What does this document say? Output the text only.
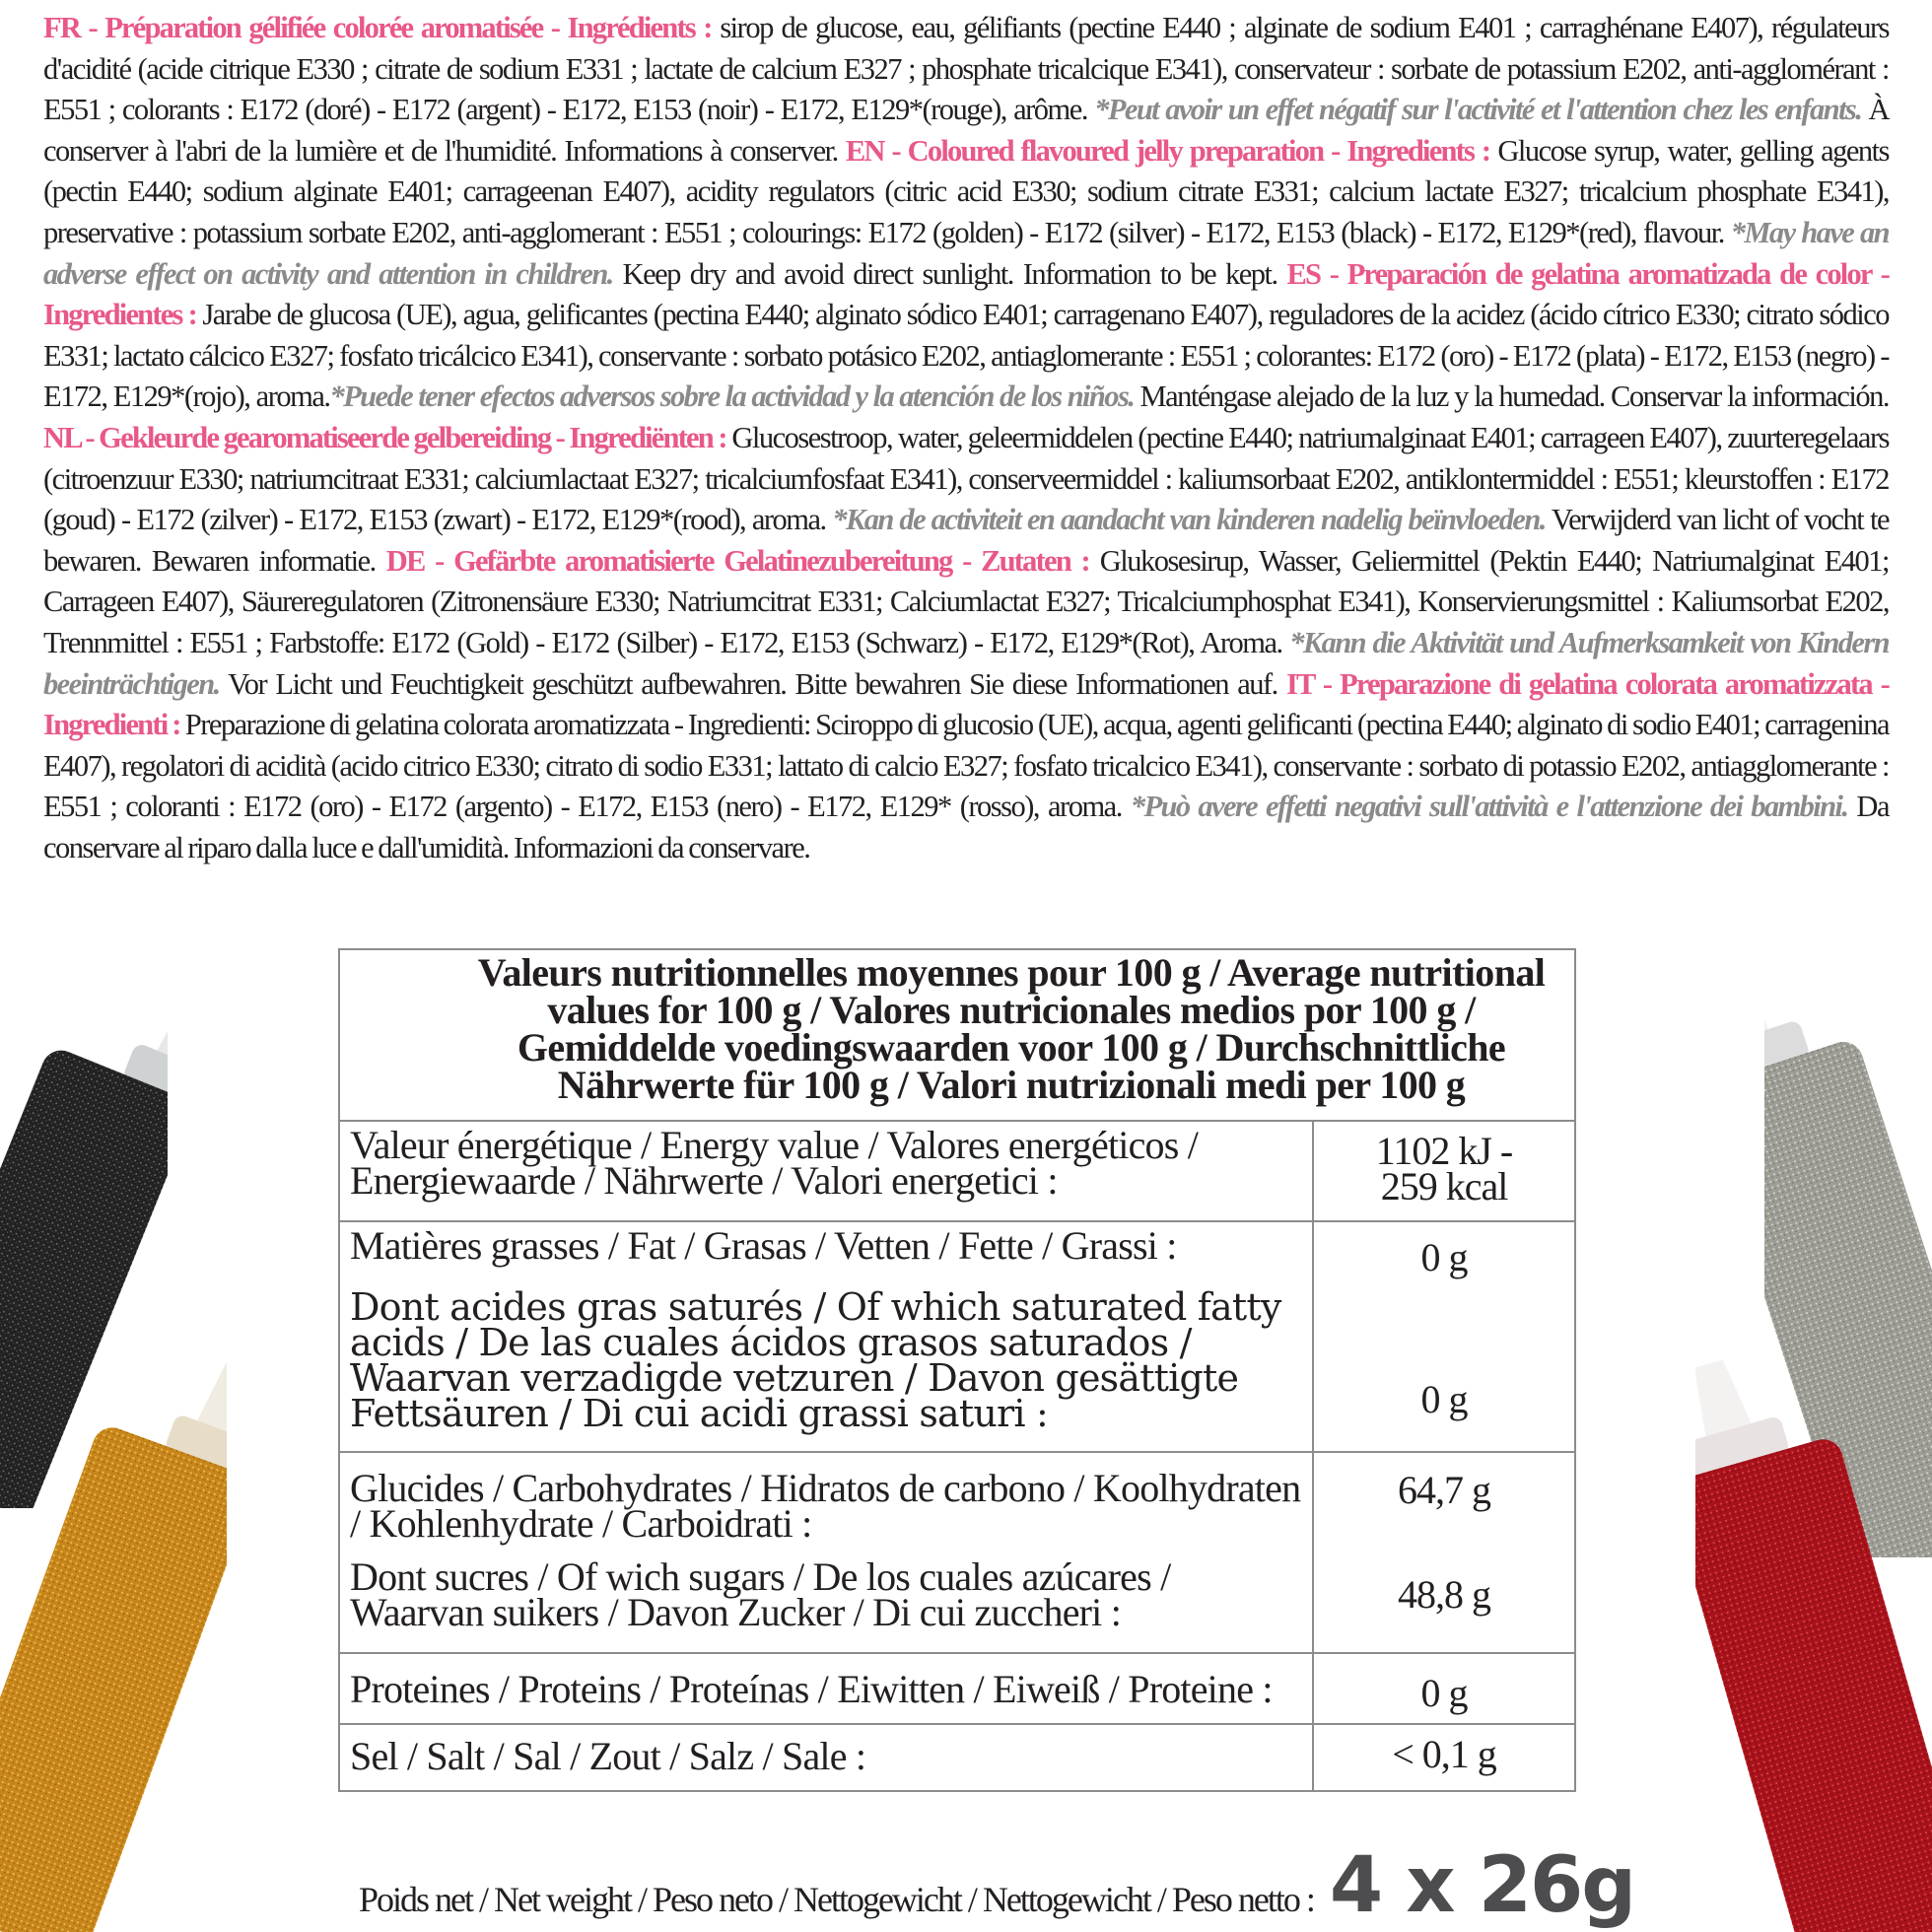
FR - Préparation gélifiée colorée aromatisée - Ingrédients : sirop de glucose, eau, gélifiants (pectine E440 ; alginate de sodium E401 ; carraghénane E407), régulateurs d'acidité (acide citrique E330 ; citrate de sodium E331 ; lactate de calcium E327 ; phosphate tricalcique E341), conservateur : sorbate de potassium E202, anti-agglomérant : E551 ; colorants : E172 (doré) - E172 (argent) - E172, E153 (noir) - E172, E129*(rouge), arôme. *Peut avoir un effet négatif sur l'activité et l'attention chez les enfants. À conserver à l'abri de la lumière et de l'humidité. Informations à conserver. EN - Coloured flavoured jelly preparation - Ingredients : Glucose syrup, water, gelling agents (pectin E440; sodium alginate E401; carrageenan E407), acidity regulators (citric acid E330; sodium citrate E331; calcium lactate E327; tricalcium phosphate E341), preservative : potassium sorbate E202, anti-agglomerant : E551 ; colourings: E172 (golden) - E172 (silver) - E172, E153 (black) - E172, E129*(red), flavour. *May have an adverse effect on activity and attention in children. Keep dry and avoid direct sunlight. Information to be kept. ES - Preparación de gelatina aromatizada de color - Ingredientes : Jarabe de glucosa (UE), agua, gelificantes (pectina E440; alginato sódico E401; carragenano E407), reguladores de la acidez (ácido cítrico E330; citrato sódico E331; lactato cálcico E327; fosfato tricálcico E341), conservante : sorbato potásico E202, antiaglomerante : E551 ; colorantes: E172 (oro) - E172 (plata) - E172, E153 (negro) - E172, E129*(rojo), aroma.*Puede tener efectos adversos sobre la actividad y la atención de los niños. Manténgase alejado de la luz y la humedad. Conservar la información. NL - Gekleurde gearomatiseerde gelbereiding - Ingrediënten : Glucosestroop, water, geleermiddelen (pectine E440; natriumalginaat E401; carrageen E407), zuurteregelaars (citroenzuur E330; natriumcitraat E331; calciumlactaat E327; tricalciumfosfaat E341), conserveermiddel : kaliumsorbaat E202, antiklontermiddel : E551; kleurstoffen : E172 (goud) - E172 (zilver) - E172, E153 (zwart) - E172, E129*(rood), aroma. *Kan de activiteit en aandacht van kinderen nadelig beïnvloeden. Verwijderd van licht of vocht te bewaren. Bewaren informatie. DE - Gefärbte aromatisierte Gelatinezubereitung - Zutaten : Glukosesirup, Wasser, Geliermittel (Pektin E440; Natriumalginat E401; Carrageen E407), Säureregulatoren (Zitronensäure E330; Natriumcitrat E331; Calciumlactat E327; Tricalciumphosphat E341), Konservierungsmittel : Kaliumsorbat E202, Trennmittel : E551 ; Farbstoffe: E172 (Gold) - E172 (Silber) - E172, E153 (Schwarz) - E172, E129*(Rot), Aroma. *Kann die Aktivität und Aufmerksamkeit von Kindern beeinträchtigen. Vor Licht und Feuchtigkeit geschützt aufbewahren. Bitte bewahren Sie diese Informationen auf. IT - Preparazione di gelatina colorata aromatizzata - Ingredienti : Preparazione di gelatina colorata aromatizzata - Ingredienti: Sciroppo di glucosio (UE), acqua, agenti gelificanti (pectina E440; alginato di sodio E401; carragenina E407), regolatori di acidità (acido citrico E330; citrato di sodio E331; lattato di calcio E327; fosfato tricalcico E341), conservante : sorbato di potassio E202, antiagglomerante : E551 ; coloranti : E172 (oro) - E172 (argento) - E172, E153 (nero) - E172, E129* (rosso), aroma. *Può avere effetti negativi sull'attività e l'attenzione dei bambini. Da conservare al riparo dalla luce e dall'umidità. Informazioni da conservare.
Valeurs nutritionnelles moyennes pour 100 g / Average nutritional values for 100 g / Valores nutricionales medios por 100 g / Gemiddelde voedingswaarden voor 100 g / Durchschnittliche Nährwerte für 100 g / Valori nutrizionali medi per 100 g
Valeur énergétique / Energy value / Valores energéticos / Energiewaarde / Nährwerte / Valori energetici :
1102 kJ - 259 kcal
Matières grasses / Fat / Grasas / Vetten / Fette / Grassi :
Dont acides gras saturés / Of which saturated fatty acids / De las cuales ácidos grasos saturados / Waarvan verzadigde vetzuren / Davon gesättigte Fettsäuren / Di cui acidi grassi saturi :
0 g
0 g
Glucides / Carbohydrates / Hidratos de carbono / Koolhydraten / Kohlenhydrate / Carboidrati :
Dont sucres / Of wich sugars / De los cuales azúcares / Waarvan suikers / Davon Zucker / Di cui zuccheri :
64,7 g
48,8 g
Proteines / Proteins / Proteínas / Eiwitten / Eiweiß / Proteine :	0 g
Sel / Salt / Sal / Zout / Salz / Sale :	< 0,1 g
Poids net / Net weight / Peso neto / Nettogewicht / Nettogewicht / Peso netto : 4 x 26g
